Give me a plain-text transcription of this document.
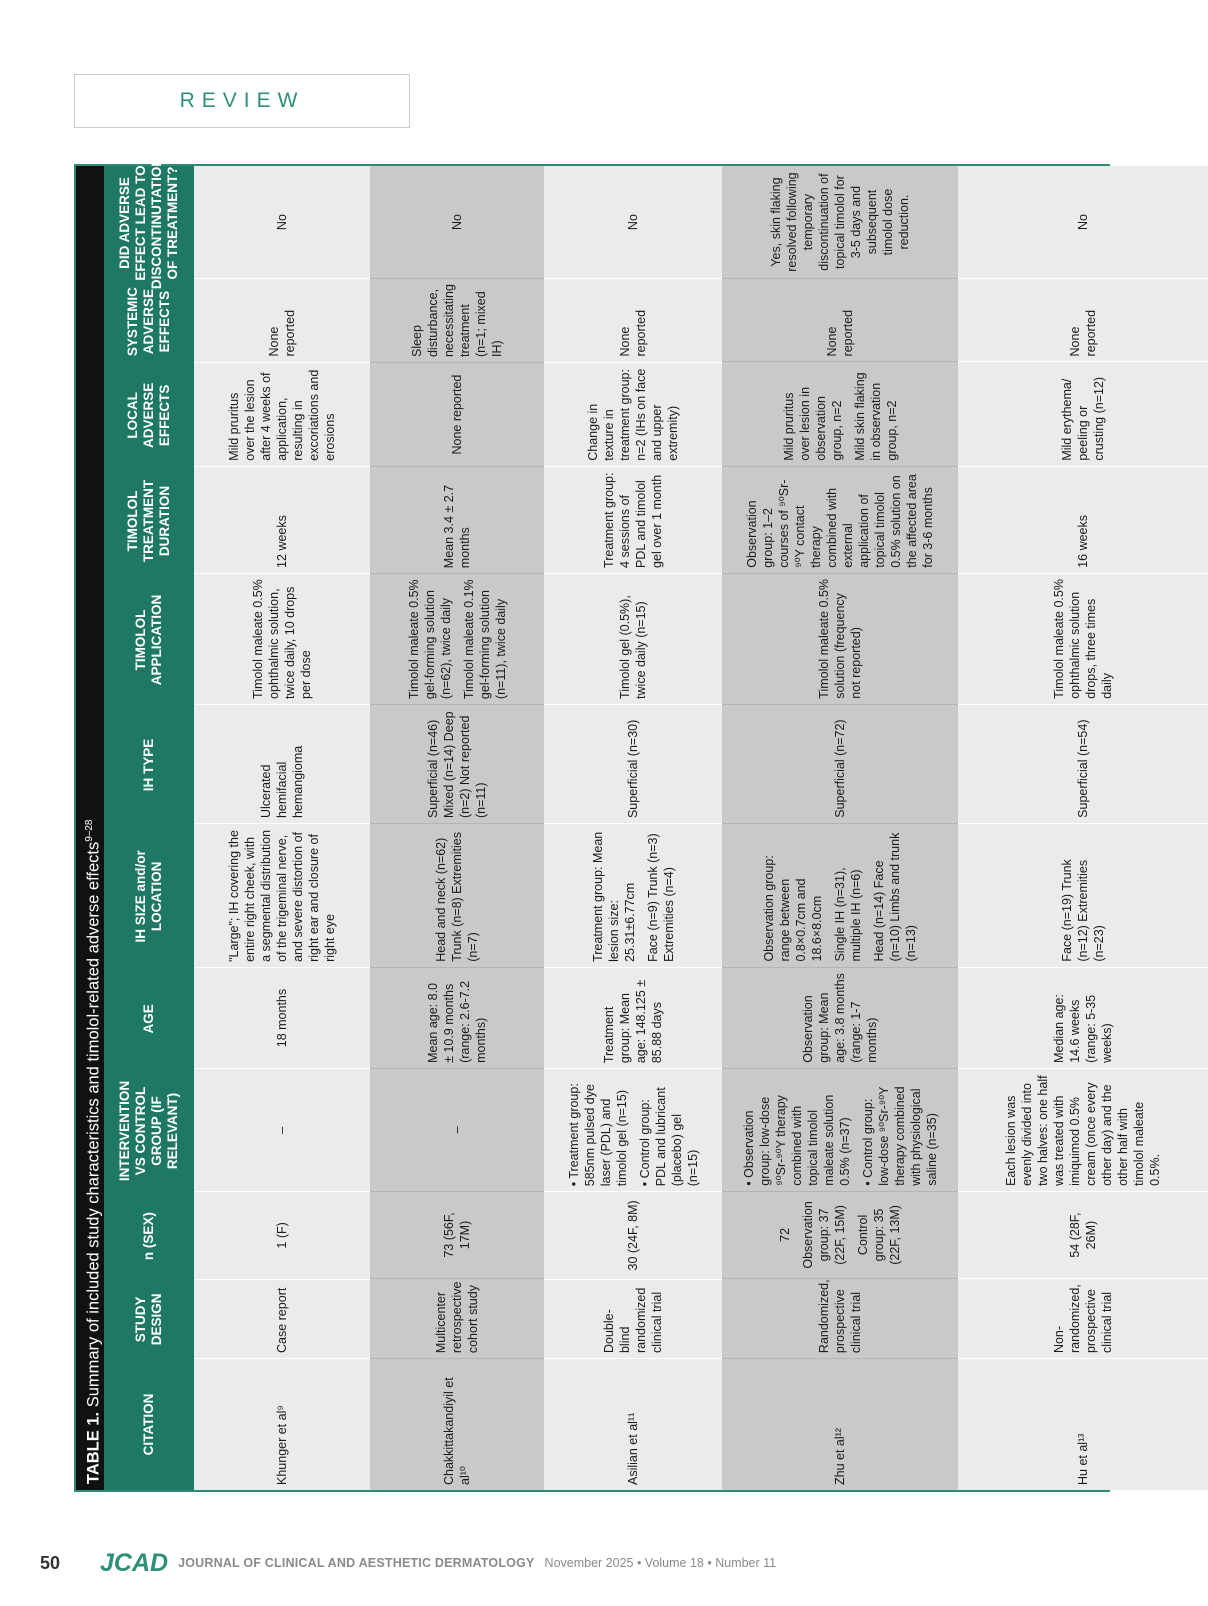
REVIEW
TABLE 1. Summary of included study characteristics and timolol-related adverse effects$^{9-28}$
CITATION
STUDY DESIGN
n (SEX)
INTERVENTION VS CONTROL GROUP (IF RELEVANT)
AGE
IH SIZE and/or LOCATION
IH TYPE
TIMOLOL APPLICATION
TIMOLOL TREATMENT DURATION
LOCAL ADVERSE EFFECTS
SYSTEMIC ADVERSE EFFECTS
DID ADVERSE EFFECT LEAD TO DISCONTINUTATION OF TREATMENT?
Khunger et al⁹
Case report
1 (F)
–
18 months
"Large"; IH covering the entire right cheek, with a segmental distribution of the trigeminal nerve, and severe distortion of right ear and closure of right eye
Ulcerated hemifacial hemangioma
Timolol maleate 0.5% ophthalmic solution, twice daily, 10 drops per dose
12 weeks
Mild pruritus over the lesion after 4 weeks of application, resulting in excoriations and erosions
None reported
No
Chakkittakandiyil et al¹⁰
Multicenter retrospective cohort study
73 (56F, 17M)
–
Mean age: 8.0 ± 10.9 months (range: 2.6-7.2 months)
Head and neck (n=62) Trunk (n=8) Extremities (n=7)
Superficial (n=46) Mixed (n=14) Deep (n=2) Not reported (n=11)

Timolol maleate 0.5% gel-forming solution (n=62), twice daily Timolol maleate 0.1% gel-forming solution (n=11), twice daily

Mean 3.4 ± 2.7 months
None reported
Sleep disturbance, necessitating treatment (n=1; mixed IH)
No
Asilian et al¹¹
Double-blind randomized clinical trial
30 (24F, 8M)

• Treatment group: 585nm pulsed dye laser (PDL) and timolol gel (n=15) • Control group: PDL and lubricant (placebo) gel (n=15)

Treatment group: Mean age: 148.125 ± 85.88 days

Treatment group: Mean lesion size: 25.31±6.77cm Face (n=9) Trunk (n=3) Extremities (n=4)

Superficial (n=30)
Timolol gel (0.5%), twice daily (n=15)
Treatment group: 4 sessions of PDL and timolol gel over 1 month
Change in texture in treatment group: n=2 (IHs on face and upper extremity)
None reported
No
Zhu et al¹²
Randomized, prospective clinical trial

72 Observation group: 37 (22F, 15M) Control group: 35 (22F, 13M)

• Observation group: low-dose ⁹⁰Sr-⁹⁰Y therapy combined with topical timolol maleate solution 0.5% (n=37) • Control group: low-dose ⁹⁰Sr-⁹⁰Y therapy combined with physiological saline (n=35)

Observation group: Mean age: 3.8 months (range: 1-7 months)

Observation group: range between 0.8×0.7cm and 18.6×8.0cm Single IH (n=31), multiple IH (n=6) Head (n=14) Face (n=10) Limbs and trunk (n=13)

Superficial (n=72)
Timolol maleate 0.5% solution (frequency not reported)
Observation group: 1–2 courses of ⁹⁰Sr-⁹⁰Y contact therapy combined with external application of topical timolol 0.5% solution on the affected area for 3-6 months

Mild pruritus over lesion in observation group, n=2 Mild skin flaking in observation group, n=2

None reported
Yes, skin flaking resolved following temporary discontinuation of topical timolol for 3-5 days and subsequent timolol dose reduction.
Hu et al¹³
Non-randomized, prospective clinical trial
54 (28F, 26M)
Each lesion was evenly divided into two halves: one half was treated with imiquimod 0.5% cream (once every other day) and the other half with timolol maleate 0.5%.
Median age: 14.6 weeks (range: 5-35 weeks)
Face (n=19) Trunk (n=12) Extremities (n=23)
Superficial (n=54)
Timolol maleate 0.5% ophthalmic solution drops, three times daily
16 weeks
Mild erythema/ peeling or crusting (n=12)
None reported
No
50	JCAD JOURNAL OF CLINICAL AND AESTHETIC DERMATOLOGY November 2025 • Volume 18 • Number 11
